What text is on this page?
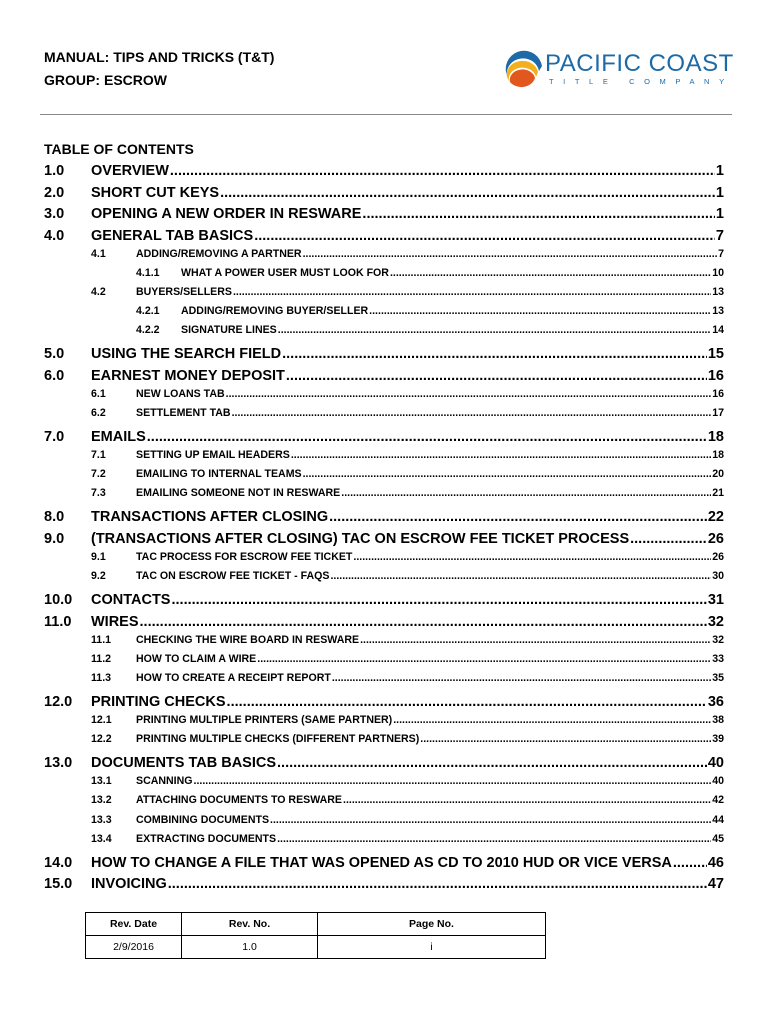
MANUAL: TIPS AND TRICKS (T&T)
GROUP: ESCROW
PACIFIC COAST
TITLE COMPANY
TABLE OF CONTENTS
1.0	OVERVIEW .....	1
2.0	SHORT CUT KEYS .....	1
3.0	OPENING A NEW ORDER IN RESWARE .....	1
4.0	GENERAL TAB BASICS .....	7
4.1	ADDING/REMOVING A PARTNER .....	7
4.1.1	WHAT A POWER USER MUST LOOK FOR .....	10
4.2	BUYERS/SELLERS .....	13
4.2.1	ADDING/REMOVING BUYER/SELLER .....	13
4.2.2	SIGNATURE LINES .....	14
5.0	USING THE SEARCH FIELD .....	15
6.0	EARNEST MONEY DEPOSIT .....	16
6.1	NEW LOANS TAB .....	16
6.2	SETTLEMENT TAB .....	17
7.0	EMAILS .....	18
7.1	SETTING UP EMAIL HEADERS .....	18
7.2	EMAILING TO INTERNAL TEAMS .....	20
7.3	EMAILING SOMEONE NOT IN RESWARE .....	21
8.0	TRANSACTIONS AFTER CLOSING .....	22
9.0	(TRANSACTIONS AFTER CLOSING) TAC ON ESCROW FEE TICKET PROCESS .....	26
9.1	TAC PROCESS FOR ESCROW FEE TICKET .....	26
9.2	TAC ON ESCROW FEE TICKET - FAQS .....	30
10.0	CONTACTS .....	31
11.0	WIRES .....	32
11.1	CHECKING THE WIRE BOARD IN RESWARE .....	32
11.2	HOW TO CLAIM A WIRE .....	33
11.3	HOW TO CREATE A RECEIPT REPORT .....	35
12.0	PRINTING CHECKS .....	36
12.1	PRINTING MULTIPLE PRINTERS (SAME PARTNER) .....	38
12.2	PRINTING MULTIPLE CHECKS (DIFFERENT PARTNERS) .....	39
13.0	DOCUMENTS TAB BASICS .....	40
13.1	SCANNING .....	40
13.2	ATTACHING DOCUMENTS TO RESWARE .....	42
13.3	COMBINING DOCUMENTS .....	44
13.4	EXTRACTING DOCUMENTS .....	45
14.0	HOW TO CHANGE A FILE THAT WAS OPENED AS CD TO 2010 HUD OR VICE VERSA ..... 46
15.0	INVOICING .....	47
Rev. Date	Rev. No.	Page No.
2/9/2016	1.0	i
